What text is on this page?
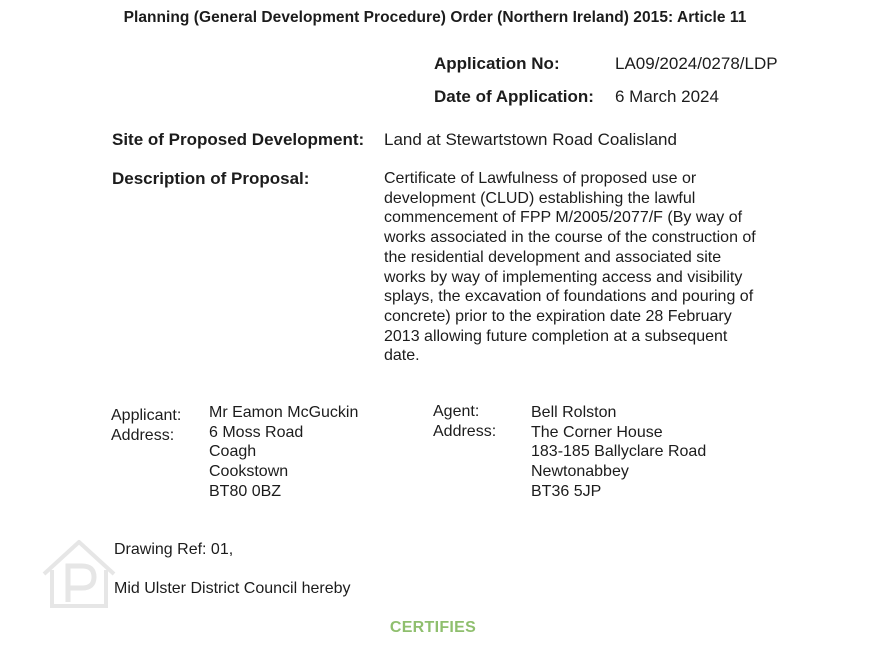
Planning (General Development Procedure) Order (Northern Ireland) 2015: Article 11
Application No:	LA09/2024/0278/LDP
Date of Application: 6 March 2024
Site of Proposed Development: Land at Stewartstown Road Coalisland
Description of Proposal:	Certificate of Lawfulness of proposed use or development (CLUD) establishing the lawful commencement of FPP M/2005/2077/F (By way of works associated in the course of the construction of the residential development and associated site works by way of implementing access and visibility splays, the excavation of foundations and pouring of concrete) prior to the expiration date 28 February 2013 allowing future completion at a subsequent date.
Applicant:
Address:
Mr Eamon McGuckin
6 Moss Road
Coagh
Cookstown
BT80 0BZ
Agent:
Address:
Bell Rolston
The Corner House
183-185 Ballyclare Road
Newtonabbey
BT36 5JP
Drawing Ref: 01,
Mid Ulster District Council hereby
CERTIFIES
